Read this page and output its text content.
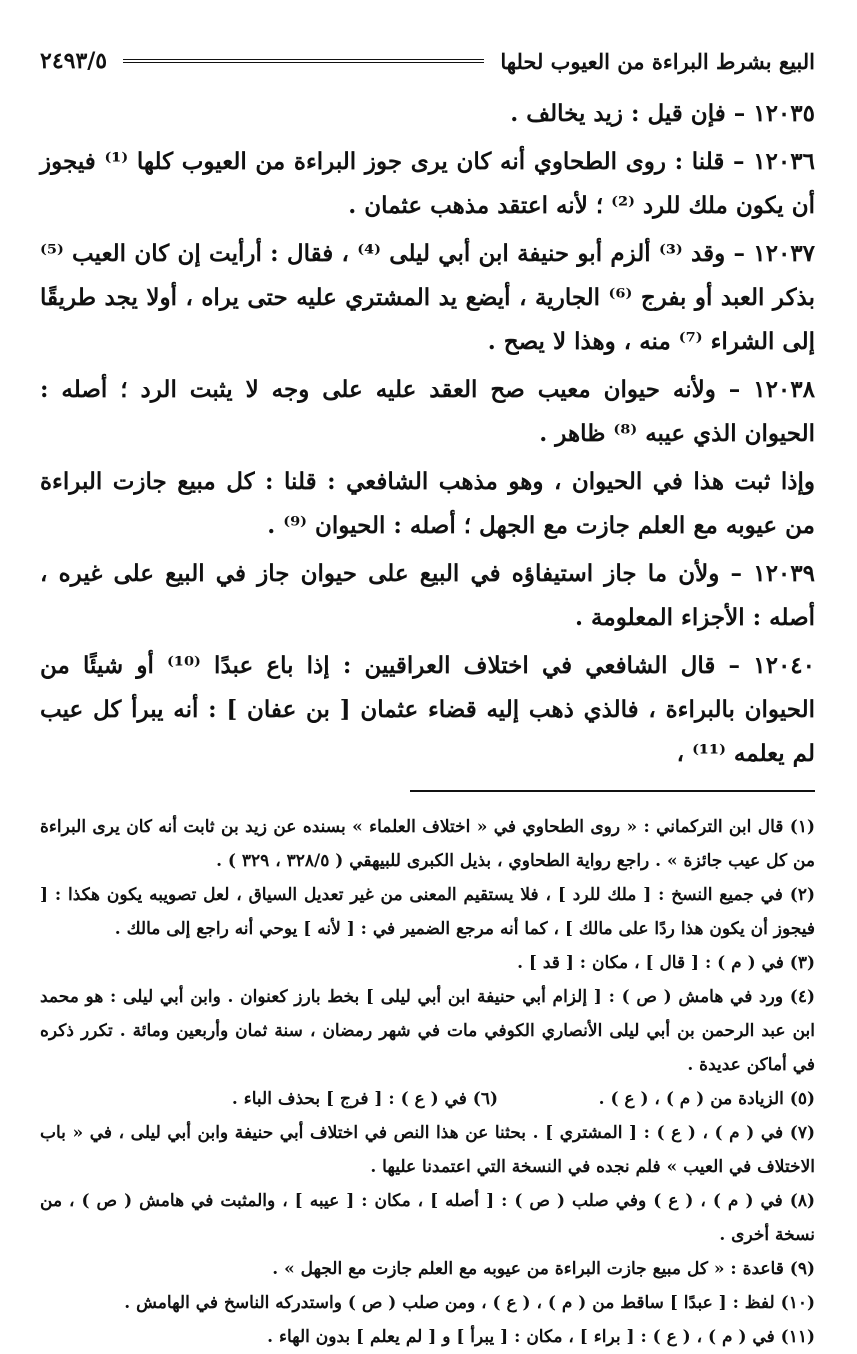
البيع بشرط البراءة من العيوب لحلها
٢٤٩٣/٥

١٢٠٣٥ – فإن قيل : زيد يخالف .

١٢٠٣٦ – قلنا : روى الطحاوي أنه كان يرى جوز البراءة من العيوب كلها ⁽¹⁾ فيجوز أن يكون ملك للرد ⁽²⁾ ؛ لأنه اعتقد مذهب عثمان .

١٢٠٣٧ – وقد ⁽³⁾ ألزم أبو حنيفة ابن أبي ليلى ⁽⁴⁾ ، فقال : أرأيت إن كان العيب ⁽⁵⁾ بذكر العبد أو بفرج ⁽⁶⁾ الجارية ، أيضع يد المشتري عليه حتى يراه ، أولا يجد طريقًا إلى الشراء ⁽⁷⁾ منه ، وهذا لا يصح .

١٢٠٣٨ – ولأنه حيوان معيب صح العقد عليه على وجه لا يثبت الرد ؛ أصله : الحيوان الذي عيبه ⁽⁸⁾ ظاهر .

وإذا ثبت هذا في الحيوان ، وهو مذهب الشافعي : قلنا : كل مبيع جازت البراءة من عيوبه مع العلم جازت مع الجهل ؛ أصله : الحيوان ⁽⁹⁾ .

١٢٠٣٩ – ولأن ما جاز استيفاؤه في البيع على حيوان جاز في البيع على غيره ، أصله : الأجزاء المعلومة .

١٢٠٤٠ – قال الشافعي في اختلاف العراقيين : إذا باع عبدًا ⁽¹⁰⁾ أو شيئًا من الحيوان بالبراءة ، فالذي ذهب إليه قضاء عثمان [ بن عفان ] : أنه يبرأ كل عيب لم يعلمه ⁽¹¹⁾ ،

(١) قال ابن التركماني : « روى الطحاوي في « اختلاف العلماء » بسنده عن زيد بن ثابت أنه كان يرى البراءة من كل عيب جائزة » . راجع رواية الطحاوي ، بذيل الكبرى للبيهقي ( ٣٢٨/٥ ، ٣٢٩ ) .

(٢) في جميع النسخ : [ ملك للرد ] ، فلا يستقيم المعنى من غير تعديل السياق ، لعل تصويبه يكون هكذا : [ فيجوز أن يكون هذا ردًا على مالك ] ، كما أنه مرجع الضمير في : [ لأنه ] يوحي أنه راجع إلى مالك .

(٣) في ( م ) : [ قال ] ، مكان : [ قد ] .

(٤) ورد في هامش ( ص ) : [ إلزام أبي حنيفة ابن أبي ليلى ] بخط بارز كعنوان . وابن أبي ليلى : هو محمد ابن عبد الرحمن بن أبي ليلى الأنصاري الكوفي مات في شهر رمضان ، سنة ثمان وأربعين ومائة . تكرر ذكره في أماكن عديدة .

(٥) الزيادة من ( م ) ، ( ع ) .                 (٦) في ( ع ) : [ فرج ] بحذف الباء .

(٧) في ( م ) ، ( ع ) : [ المشتري ] . بحثنا عن هذا النص في اختلاف أبي حنيفة وابن أبي ليلى ، في « باب الاختلاف في العيب » فلم نجده في النسخة التي اعتمدنا عليها .

(٨) في ( م ) ، ( ع ) وفي صلب ( ص ) : [ أصله ] ، مكان : [ عيبه ] ، والمثبت في هامش ( ص ) ، من نسخة أخرى .

(٩) قاعدة : « كل مبيع جازت البراءة من عيوبه مع العلم جازت مع الجهل » .

(١٠) لفظ : [ عبدًا ] ساقط من ( م ) ، ( ع ) ، ومن صلب ( ص ) واستدركه الناسخ في الهامش .

(١١) في ( م ) ، ( ع ) : [ براء ] ، مكان : [ يبرأ ] و [ لم يعلم ] بدون الهاء .
